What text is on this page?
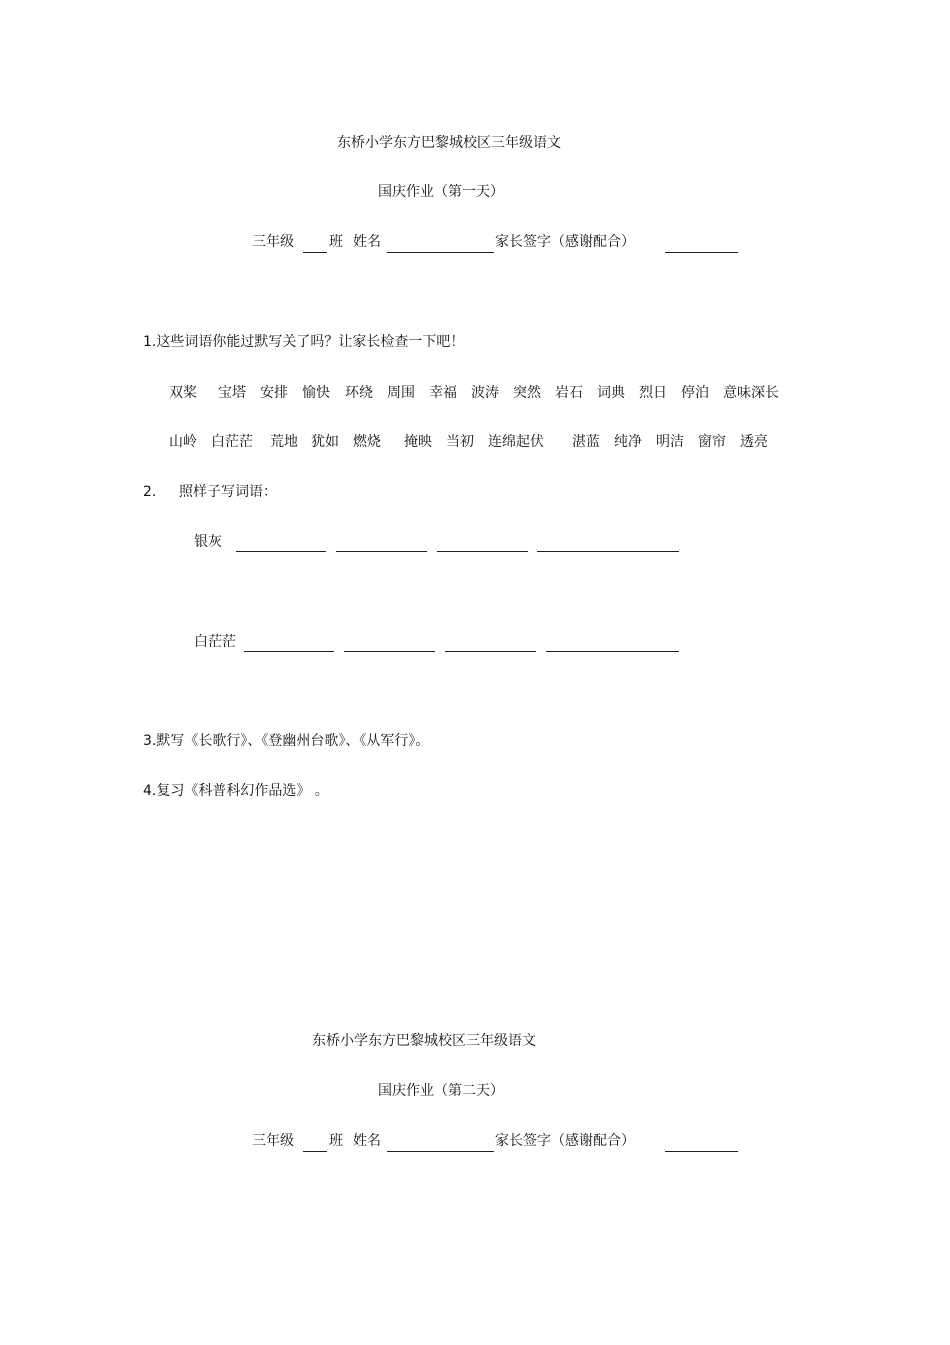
东桥小学东方巴黎城校区三年级语文
国庆作业（第一天）
三年级	班 姓名	家长签字（感谢配合）
1.这些词语你能过默写关了吗？让家长检查一下吧！
双桨 宝塔 安排 愉快 环绕 周围 幸福 波涛 突然 岩石 词典 烈日 停泊 意味深长
山岭 白茫茫 荒地 犹如 燃烧 掩映 当初 连绵起伏 湛蓝 纯净 明洁 窗帘 透亮
2. 照样子写词语：
银灰
白茫茫
3.默写《长歌行》、《登幽州台歌》、《从军行》。
4.复习《科普科幻作品选》 。
东桥小学东方巴黎城校区三年级语文
国庆作业（第二天）
三年级	班 姓名	家长签字（感谢配合）
